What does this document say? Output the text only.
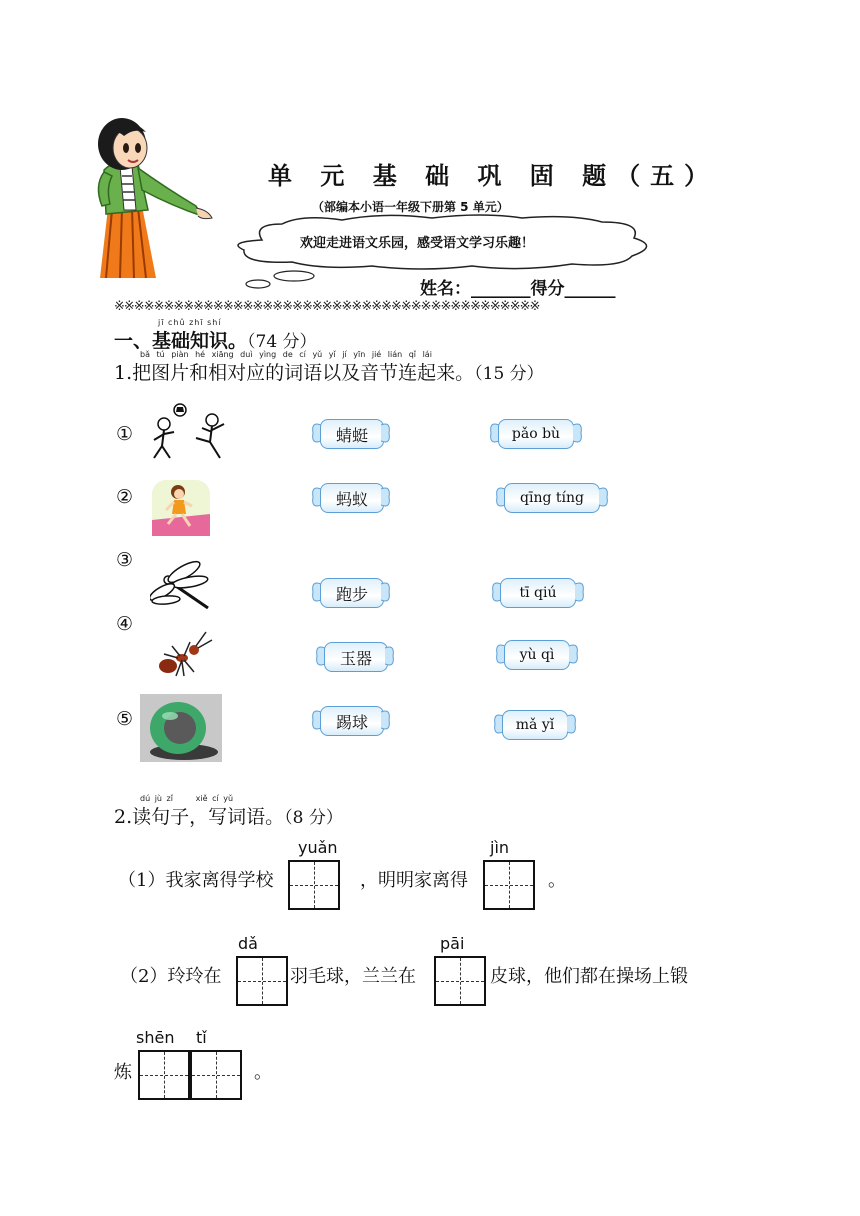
单 元 基 础 巩 固 题（五）
（部编本小语一年级下册第 5 单元）
欢迎走进语文乐园，感受语文学习乐趣！
姓名：_______得分______
※※※※※※※※※※※※※※※※※※※※※※※※※※※※※※※※※※※※※※※※※※※
jī chǔ zhī shí
一、基础知识。（74 分）
bǎ tú piàn hé xiāng duì yìng de cí yǔ yǐ jí yīn jié lián qǐ lái
1.把图片和相对应的词语以及音节连起来。（15 分）
①
②
③
④
⑤
蜻蜓
蚂蚁
跑步
玉器
踢球
pǎo bù
qīng tíng
tī qiú
yù qì
mǎ yǐ
dú jù zǐ     xiě cí yǔ
2.读句子，写词语。（8 分）
（1）我家离得学校
yuǎn
，明明家离得
jìn
。
（2）玲玲在
dǎ
羽毛球，兰兰在
pāi
皮球，他们都在操场上锻
炼
shēn tǐ
。
